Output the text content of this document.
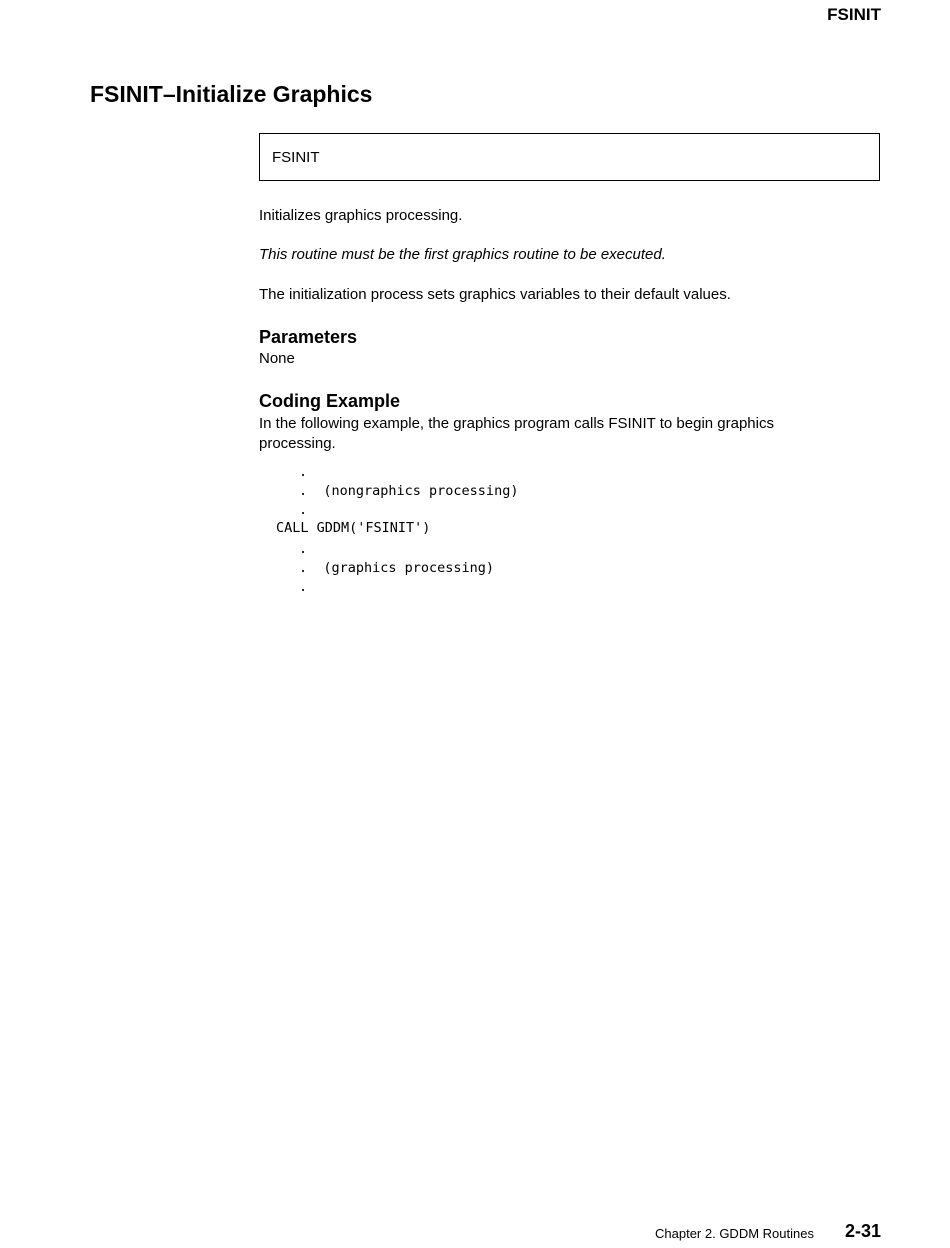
FSINIT
FSINIT–Initialize Graphics
FSINIT

Initializes graphics processing.

This routine must be the first graphics routine to be executed.

The initialization process sets graphics variables to their default values.

Parameters

None

Coding Example

In the following example, the graphics program calls FSINIT to begin graphics

processing.

.
.  (nongraphics processing)
.
CALL GDDM('FSINIT')
.
.  (graphics processing)
.
Chapter 2. GDDM Routines 2-31
